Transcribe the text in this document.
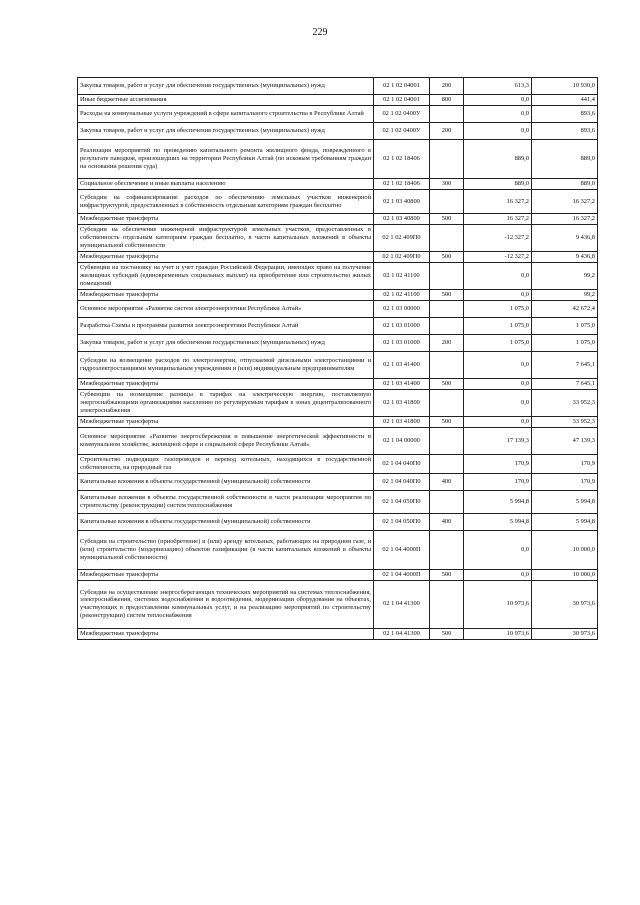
229
Закупка товаров, работ и услуг для обеспечения государственных (муниципальных) нужд	02 1 02 04001	200	613,3	10 930,0
Иные бюджетные ассигнования	02 1 02 04001	800	0,0	441,4
Расходы на коммунальные услуги учреждений в сфере капитального строительства в Республике Алтай	02 1 02 0400У		0,0	893,6
Закупка товаров, работ и услуг для обеспечения государственных (муниципальных) нужд	02 1 02 0400У	200	0,0	893,6
Реализация мероприятий по проведению капитального ремонта жилищного фонда, поврежденного в результате паводков, произошедших на территории Республики Алтай (по исковым требованиям граждан на основании решения суда)	02 1 02 18406		889,0	889,0
Социальное обеспечение и иные выплаты населению	02 1 02 18406	300	889,0	889,0
Субсидии на софинансирование расходов по обеспечению земельных участков инженерной инфраструктурой, предоставленных в собственность отдельным категориям граждан бесплатно	02 1 03 40800		16 327,2	16 327,2
Межбюджетные трансферты	02 1 03 40800	500	16 327,2	16 327,2
Субсидии на обеспечение инженерной инфраструктурой земельных участков, предоставленных в собственность отдельным категориям граждан бесплатно, в части капитальных вложений в объекты муниципальной собственности	02 1 02 409П0		-12 327,2	9 436,8
Межбюджетные трансферты	02 1 02 409П0	500	-12 327,2	9 436,8
Субвенции на постановку на учет и учет граждан Российской Федерации, имеющих право на получение жилищных субсидий (единовременных социальных выплат) на приобретение или строительство жилых помещений	02 1 02 41100		0,0	99,2
Межбюджетные трансферты	02 1 02 41100	500	0,0	99,2
Основное мероприятие «Развитие систем электроэнергетики Республики Алтай»	02 1 03 00000		1 075,0	42 672,4
Разработка Схемы и программы развития электроэнергетики Республики Алтай	02 1 03 01000		1 075,0	1 075,0
Закупка товаров, работ и услуг для обеспечения государственных (муниципальных) нужд	02 1 03 01000	200	1 075,0	1 075,0
Субсидии на возмещение расходов по электроэнергии, отпускаемой дизельными электростанциями и гидроэлектростанциями муниципальным учреждениям и (или) индивидуальным предпринимателям	02 1 03 41400		0,0	7 645,1
Межбюджетные трансферты	02 1 03 41400	500	0,0	7 645,1
Субвенции на возмещение разницы в тарифах на электрическую энергию, поставляемую энергоснабжающими организациями населению по регулируемым тарифам в зонах децентрализованного электроснабжения	02 1 03 41800		0,0	33 952,3
Межбюджетные трансферты	02 1 03 41800	500	0,0	33 952,3
Основное мероприятие «Развитие энергосбережения и повышение энергетической эффективности в коммунальном хозяйстве, жилищной сфере и социальной сфере Республики Алтай»	02 1 04 00000		17 139,3	47 139,3
Строительство подводящих газопроводов и перевод котельных, находящихся в государственной собственности, на природный газ	02 1 04 040П0		170,9	170,9
Капитальные вложения в объекты государственной (муниципальной) собственности	02 1 04 040П0	400	170,9	170,9
Капитальные вложения в объекты государственной собственности в части реализации мероприятия по строительству (реконструкции) систем теплоснабжения	02 1 04 050П0		5 994,8	5 994,8
Капитальные вложения в объекты государственной (муниципальной) собственности	02 1 04 050П0	400	5 994,8	5 994,8
Субсидии на строительство (приобретение) и (или) аренду котельных, работающих на природном газе, и (или) строительство (модернизацию) объектов газификации (в части капитальных вложений в объекты муниципальной собственности)	02 1 04 4000П		0,0	10 000,0
Межбюджетные трансферты	02 1 04 4000П	500	0,0	10 000,0
Субсидии на осуществление энергосберегающих технических мероприятий на системах теплоснабжения, электроснабжения, системах водоснабжения и водоотведения, модернизации оборудования на объектах, участвующих в предоставлении коммунальных услуг, и на реализацию мероприятий по строительству (реконструкции) систем теплоснабжения	02 1 04 41300		10 973,6	30 973,6
Межбюджетные трансферты	02 1 04 41300	500	10 973,6	30 973,6
